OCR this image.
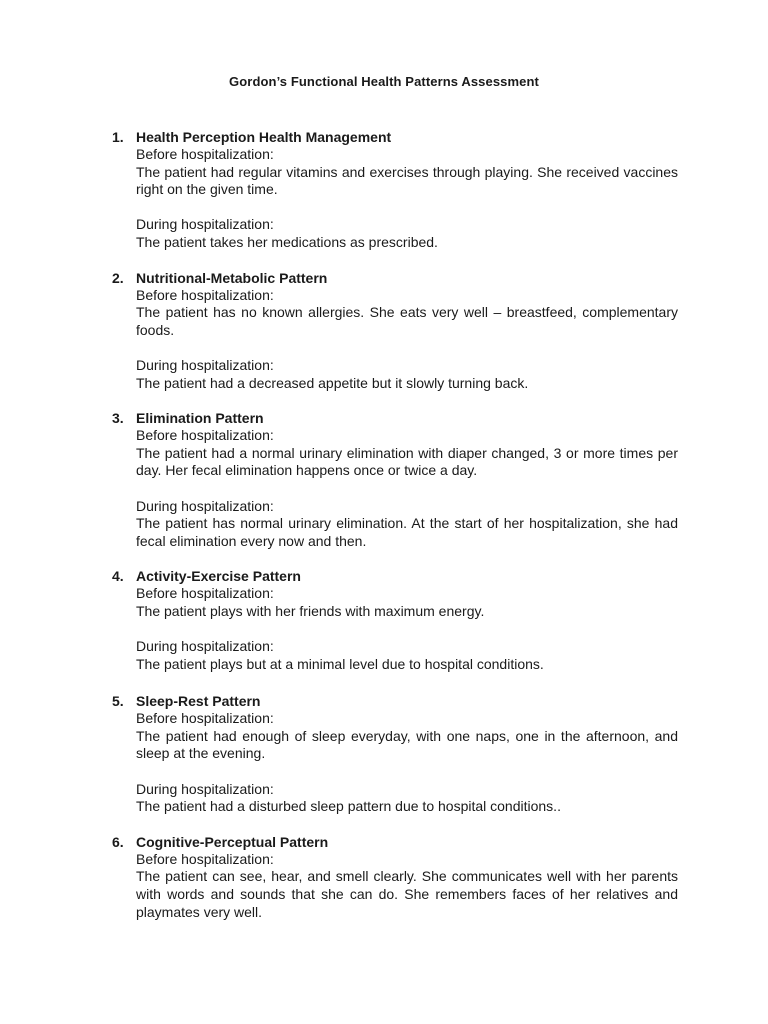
Gordon’s Functional Health Patterns Assessment
1. Health Perception Health Management
Before hospitalization:
The patient had regular vitamins and exercises through playing. She received vaccines right on the given time.
During hospitalization:
The patient takes her medications as prescribed.
2. Nutritional-Metabolic Pattern
Before hospitalization:
The patient has no known allergies. She eats very well – breastfeed, complementary foods.
During hospitalization:
The patient had a decreased appetite but it slowly turning back.
3. Elimination Pattern
Before hospitalization:
The patient had a normal urinary elimination with diaper changed, 3 or more times per day. Her fecal elimination happens once or twice a day.
During hospitalization:
The patient has normal urinary elimination. At the start of her hospitalization, she had fecal elimination every now and then.
4. Activity-Exercise Pattern
Before hospitalization:
The patient plays with her friends with maximum energy.
During hospitalization:
The patient plays but at a minimal level due to hospital conditions.
5. Sleep-Rest Pattern
Before hospitalization:
The patient had enough of sleep everyday, with one naps, one in the afternoon, and sleep at the evening.
During hospitalization:
The patient had a disturbed sleep pattern due to hospital conditions..
6. Cognitive-Perceptual Pattern
Before hospitalization:
The patient can see, hear, and smell clearly. She communicates well with her parents with words and sounds that she can do. She remembers faces of her relatives and playmates very well.
